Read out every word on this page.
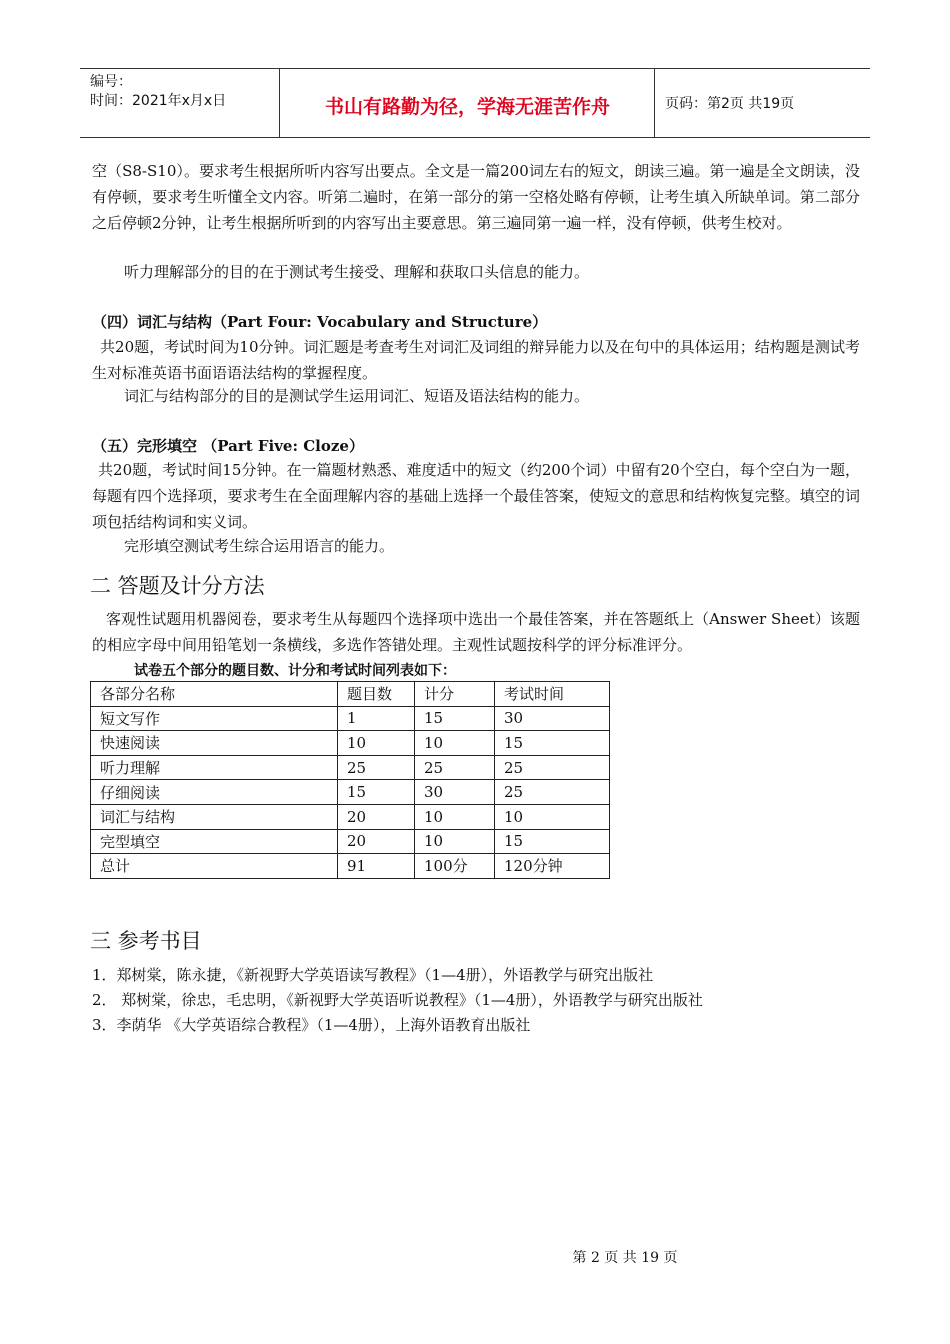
编号：
时间：2021年x月x日	书山有路勤为径，学海无涯苦作舟	页码：第2页 共19页

空（S8-S10）。要求考生根据所听内容写出要点。全文是一篇200词左右的短文，朗读三遍。第一遍是全文朗读，没有停顿，要求考生听懂全文内容。听第二遍时，在第一部分的第一空格处略有停顿，让考生填入所缺单词。第二部分之后停顿2分钟，让考生根据所听到的内容写出主要意思。第三遍同第一遍一样，没有停顿，供考生校对。

听力理解部分的目的在于测试考生接受、理解和获取口头信息的能力。

（四）词汇与结构（Part Four: Vocabulary and Structure）

共20题，考试时间为10分钟。词汇题是考查考生对词汇及词组的辩异能力以及在句中的具体运用；结构题是测试考生对标准英语书面语语法结构的掌握程度。

词汇与结构部分的目的是测试学生运用词汇、短语及语法结构的能力。

（五）完形填空 （Part Five: Cloze）

共20题，考试时间15分钟。在一篇题材熟悉、难度适中的短文（约200个词）中留有20个空白，每个空白为一题，每题有四个选择项，要求考生在全面理解内容的基础上选择一个最佳答案，使短文的意思和结构恢复完整。填空的词项包括结构词和实义词。

完形填空测试考生综合运用语言的能力。

二 答题及计分方法

客观性试题用机器阅卷，要求考生从每题四个选择项中选出一个最佳答案，并在答题纸上（Answer Sheet）该题的相应字母中间用铅笔划一条横线，多选作答错处理。主观性试题按科学的评分标准评分。

试卷五个部分的题目数、计分和考试时间列表如下：

各部分名称	题目数	计分	考试时间
短文写作	1	15	30
快速阅读	10	10	15
听力理解	25	25	25
仔细阅读	15	30	25
词汇与结构	20	10	10
完型填空	20	10	15
总计	91	100分	120分钟
三 参考书目

1．郑树棠，陈永捷，《新视野大学英语读写教程》（1—4册），外语教学与研究出版社

2． 郑树棠，徐忠，毛忠明，《新视野大学英语听说教程》（1—4册），外语教学与研究出版社

3．李荫华 《大学英语综合教程》（1—4册），上海外语教育出版社

第 2 页 共 19 页
